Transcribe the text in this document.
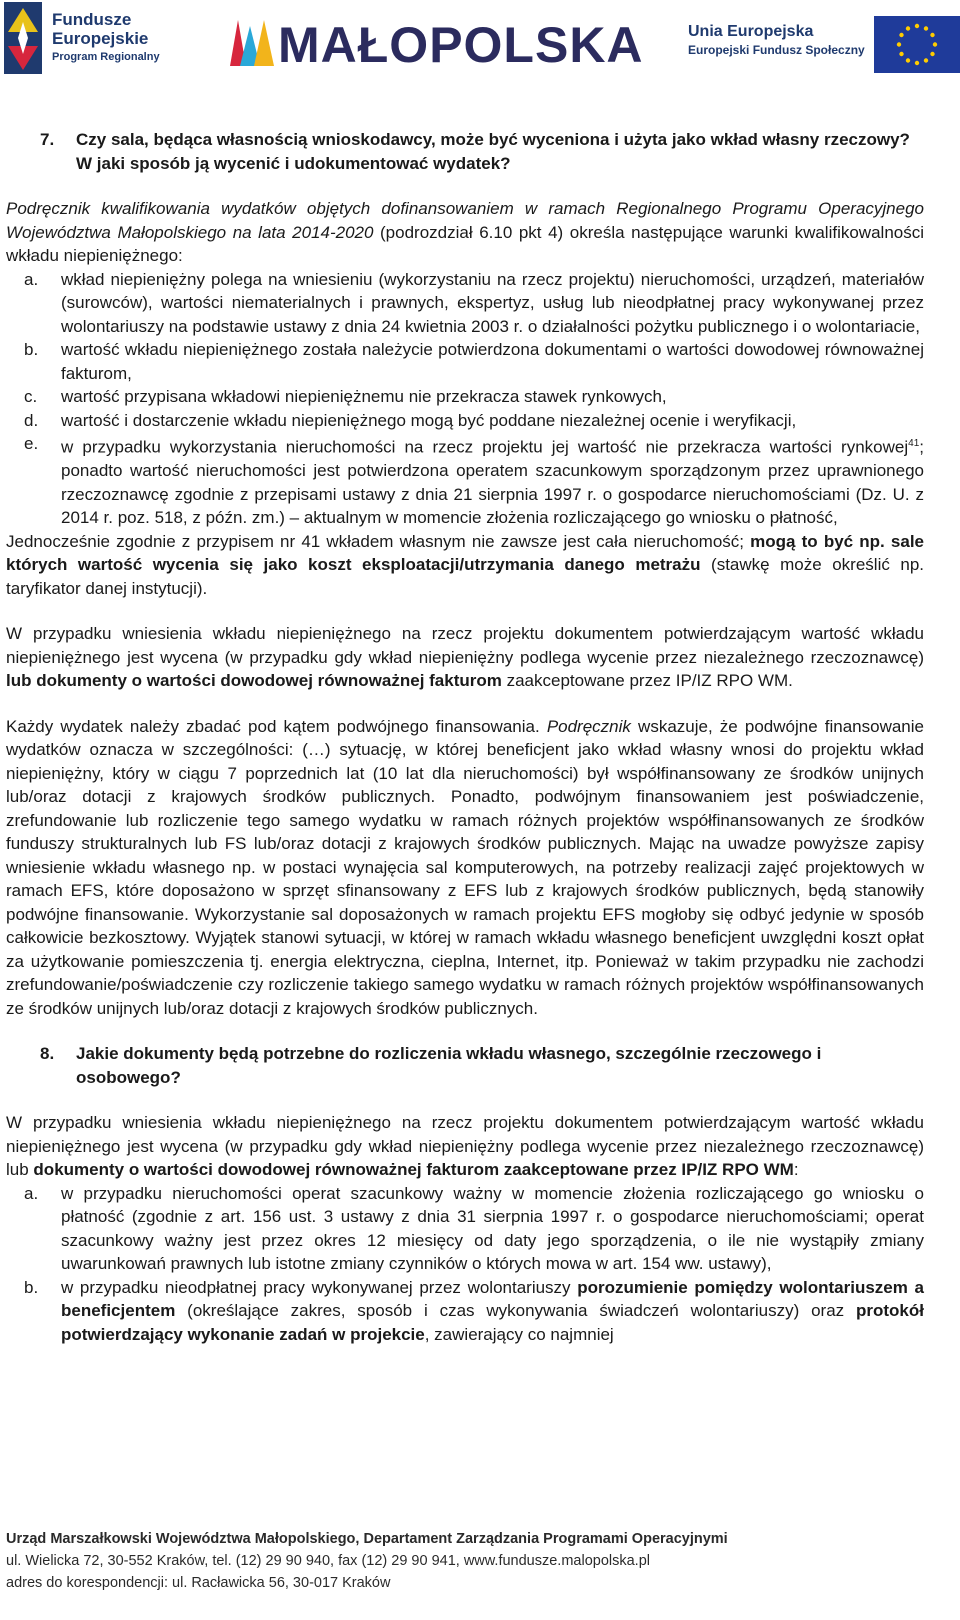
Fundusze
Europejskie
Program Regionalny MAŁOPOLSKA	Unia Europejska
Europejski Fundusz Społeczny
7.	Czy sala, będąca własnością wnioskodawcy, może być wyceniona i użyta jako wkład własny rzeczowy? W jaki sposób ją wycenić i udokumentować wydatek?

Podręcznik kwalifikowania wydatków objętych dofinansowaniem w ramach Regionalnego Programu Operacyjnego Województwa Małopolskiego na lata 2014-2020 (podrozdział 6.10 pkt 4) określa następujące warunki kwalifikowalności wkładu niepieniężnego:

a.	wkład niepieniężny polega na wniesieniu (wykorzystaniu na rzecz projektu) nieruchomości, urządzeń, materiałów (surowców), wartości niematerialnych i prawnych, ekspertyz, usług lub nieodpłatnej pracy wykonywanej przez wolontariuszy na podstawie ustawy z dnia 24 kwietnia 2003 r. o działalności pożytku publicznego i o wolontariacie,
b.	wartość wkładu niepieniężnego została należycie potwierdzona dokumentami o wartości dowodowej równoważnej fakturom,
c.	wartość przypisana wkładowi niepieniężnemu nie przekracza stawek rynkowych,
d.	wartość i dostarczenie wkładu niepieniężnego mogą być poddane niezależnej ocenie i weryfikacji,
e.	w przypadku wykorzystania nieruchomości na rzecz projektu jej wartość nie przekracza wartości rynkowej$^{41}$; ponadto wartość nieruchomości jest potwierdzona operatem szacunkowym sporządzonym przez uprawnionego rzeczoznawcę zgodnie z przepisami ustawy z dnia 21 sierpnia 1997 r. o gospodarce nieruchomościami (Dz. U. z 2014 r. poz. 518, z późn. zm.) – aktualnym w momencie złożenia rozliczającego go wniosku o płatność,

Jednocześnie zgodnie z przypisem nr 41 wkładem własnym nie zawsze jest cała nieruchomość; mogą to być np. sale których wartość wycenia się jako koszt eksploatacji/utrzymania danego metrażu (stawkę może określić np. taryfikator danej instytucji).

W przypadku wniesienia wkładu niepieniężnego na rzecz projektu dokumentem potwierdzającym wartość wkładu niepieniężnego jest wycena (w przypadku gdy wkład niepieniężny podlega wycenie przez niezależnego rzeczoznawcę) lub dokumenty o wartości dowodowej równoważnej fakturom zaakceptowane przez IP/IZ RPO WM.

Każdy wydatek należy zbadać pod kątem podwójnego finansowania. Podręcznik wskazuje, że podwójne finansowanie wydatków oznacza w szczególności: (…) sytuację, w której beneficjent jako wkład własny wnosi do projektu wkład niepieniężny, który w ciągu 7 poprzednich lat (10 lat dla nieruchomości) był współfinansowany ze środków unijnych lub/oraz dotacji z krajowych środków publicznych. Ponadto, podwójnym finansowaniem jest poświadczenie, zrefundowanie lub rozliczenie tego samego wydatku w ramach różnych projektów współfinansowanych ze środków funduszy strukturalnych lub FS lub/oraz dotacji z krajowych środków publicznych. Mając na uwadze powyższe zapisy wniesienie wkładu własnego np. w postaci wynajęcia sal komputerowych, na potrzeby realizacji zajęć projektowych w ramach EFS, które doposażono w sprzęt sfinansowany z EFS lub z krajowych środków publicznych, będą stanowiły podwójne finansowanie. Wykorzystanie sal doposażonych w ramach projektu EFS mogłoby się odbyć jedynie w sposób całkowicie bezkosztowy. Wyjątek stanowi sytuacji, w której w ramach wkładu własnego beneficjent uwzględni koszt opłat za użytkowanie pomieszczenia tj. energia elektryczna, cieplna, Internet, itp. Ponieważ w takim przypadku nie zachodzi zrefundowanie/poświadczenie czy rozliczenie takiego samego wydatku w ramach różnych projektów współfinansowanych ze środków unijnych lub/oraz dotacji z krajowych środków publicznych.

8.	Jakie dokumenty będą potrzebne do rozliczenia wkładu własnego, szczególnie rzeczowego i osobowego?

W przypadku wniesienia wkładu niepieniężnego na rzecz projektu dokumentem potwierdzającym wartość wkładu niepieniężnego jest wycena (w przypadku gdy wkład niepieniężny podlega wycenie przez niezależnego rzeczoznawcę) lub dokumenty o wartości dowodowej równoważnej fakturom zaakceptowane przez IP/IZ RPO WM:

a.	w przypadku nieruchomości operat szacunkowy ważny w momencie złożenia rozliczającego go wniosku o płatność (zgodnie z art. 156 ust. 3 ustawy z dnia 31 sierpnia 1997 r. o gospodarce nieruchomościami; operat szacunkowy ważny jest przez okres 12 miesięcy od daty jego sporządzenia, o ile nie wystąpiły zmiany uwarunkowań prawnych lub istotne zmiany czynników o których mowa w art. 154 ww. ustawy),
b.	w przypadku nieodpłatnej pracy wykonywanej przez wolontariuszy porozumienie pomiędzy wolontariuszem a beneficjentem (określające zakres, sposób i czas wykonywania świadczeń wolontariuszy) oraz protokół potwierdzający wykonanie zadań w projekcie, zawierający co najmniej
Urząd Marszałkowski Województwa Małopolskiego, Departament Zarządzania Programami Operacyjnymi
ul. Wielicka 72, 30-552 Kraków, tel. (12) 29 90 940, fax (12) 29 90 941, www.fundusze.malopolska.pl
adres do korespondencji: ul. Racławicka 56, 30-017 Kraków
